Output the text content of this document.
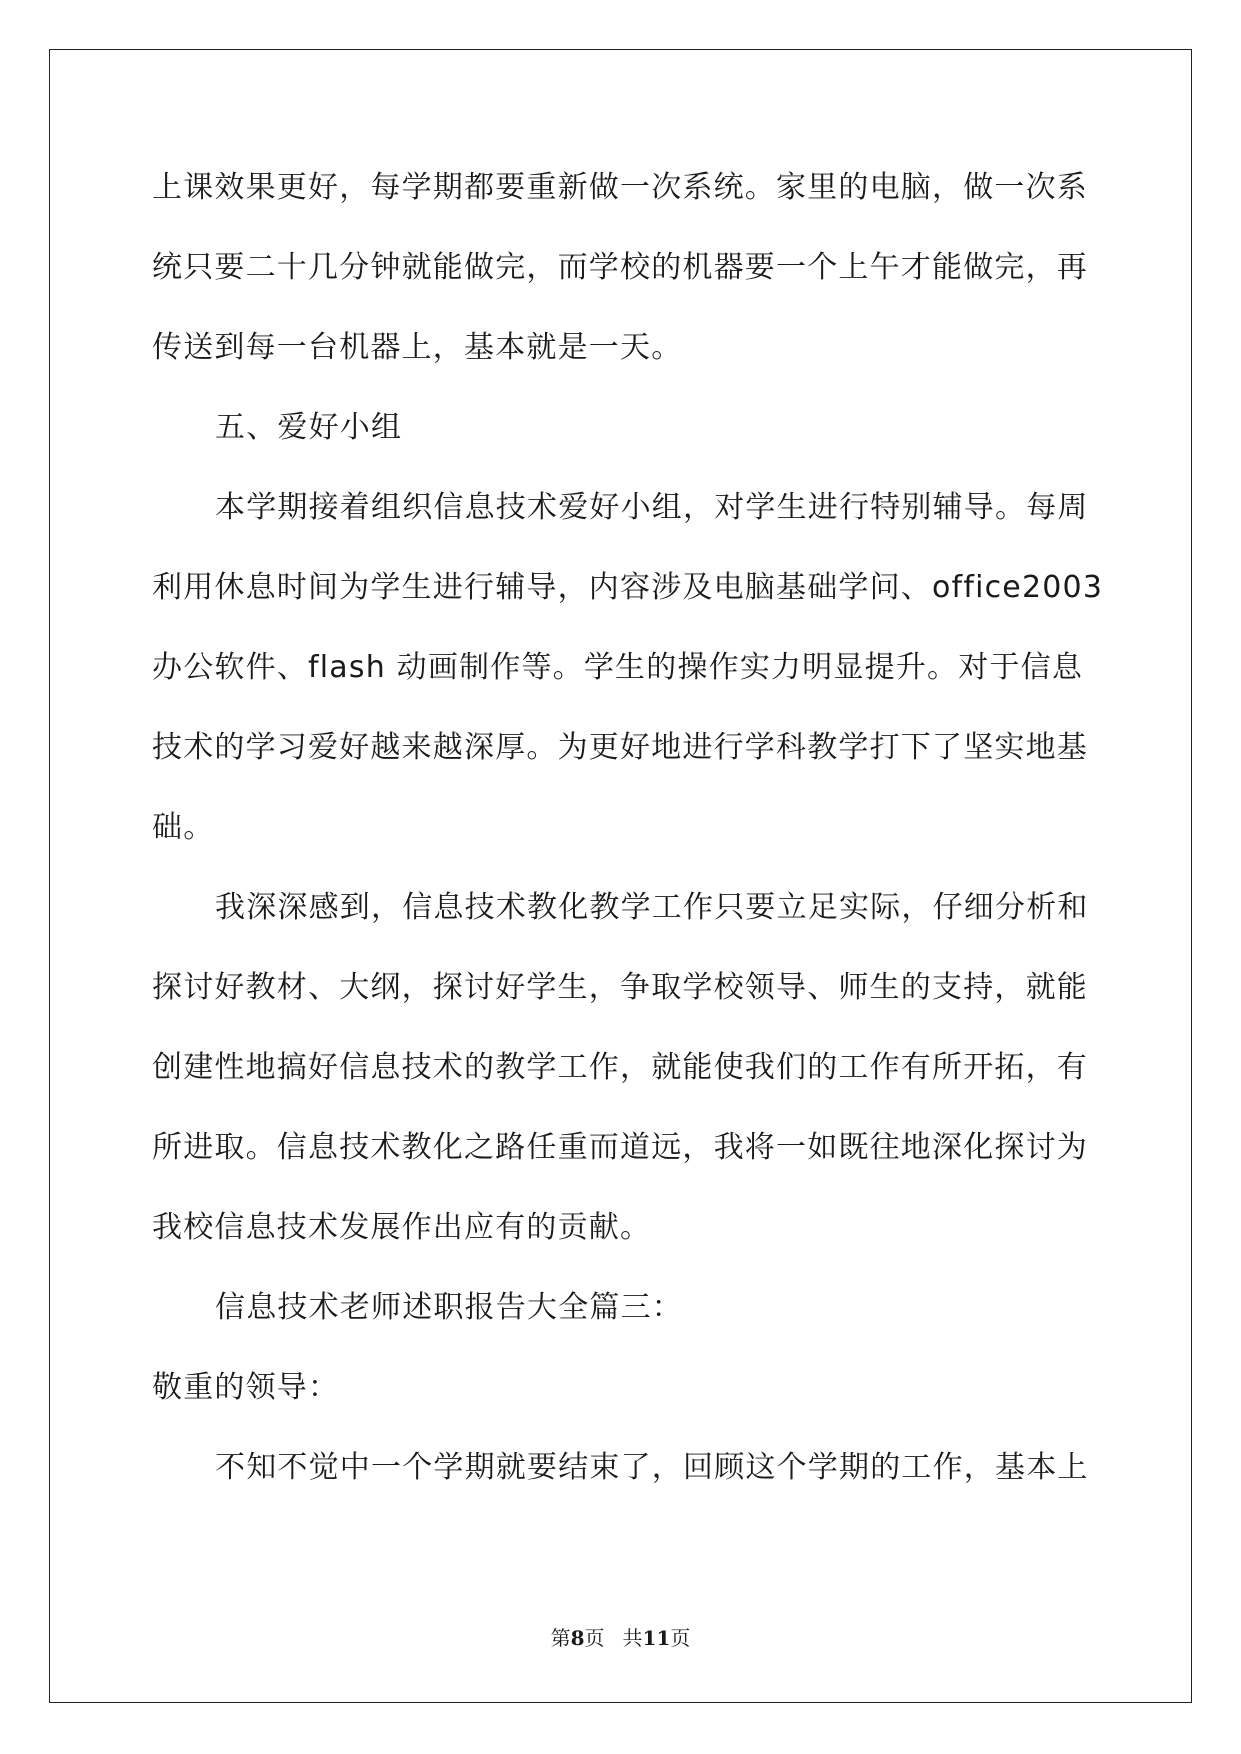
上课效果更好，每学期都要重新做一次系统。家里的电脑，做一次系
统只要二十几分钟就能做完，而学校的机器要一个上午才能做完，再
传送到每一台机器上，基本就是一天。
五、爱好小组
本学期接着组织信息技术爱好小组，对学生进行特别辅导。每周
利用休息时间为学生进行辅导，内容涉及电脑基础学问、office2003
办公软件、flash 动画制作等。学生的操作实力明显提升。对于信息
技术的学习爱好越来越深厚。为更好地进行学科教学打下了坚实地基
础。
我深深感到，信息技术教化教学工作只要立足实际，仔细分析和
探讨好教材、大纲，探讨好学生，争取学校领导、师生的支持，就能
创建性地搞好信息技术的教学工作，就能使我们的工作有所开拓，有
所进取。信息技术教化之路任重而道远，我将一如既往地深化探讨为
我校信息技术发展作出应有的贡献。
信息技术老师述职报告大全篇三：
敬重的领导：
不知不觉中一个学期就要结束了，回顾这个学期的工作，基本上
第8页 共11页
